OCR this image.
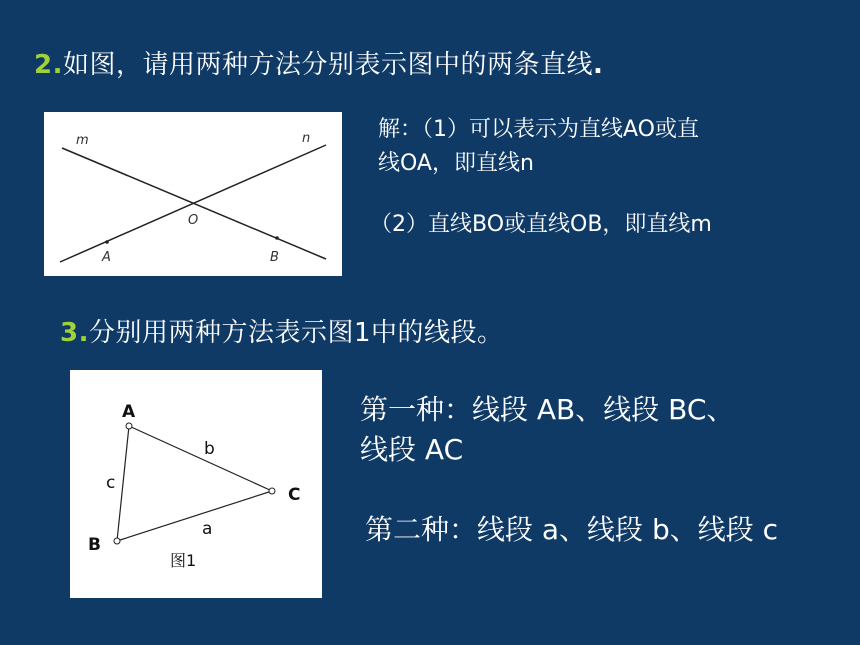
2.如图，请用两种方法分别表示图中的两条直线.
m	n
O
A	B
解：（1）可以表示为直线AO或直
线OA，即直线n
（2）直线BO或直线OB，即直线m
3.分别用两种方法表示图1中的线段。
A
C
B
b
c
a
图1
第一种：线段 AB、线段 BC、
线段 AC
第二种：线段 a、线段 b、线段 c
